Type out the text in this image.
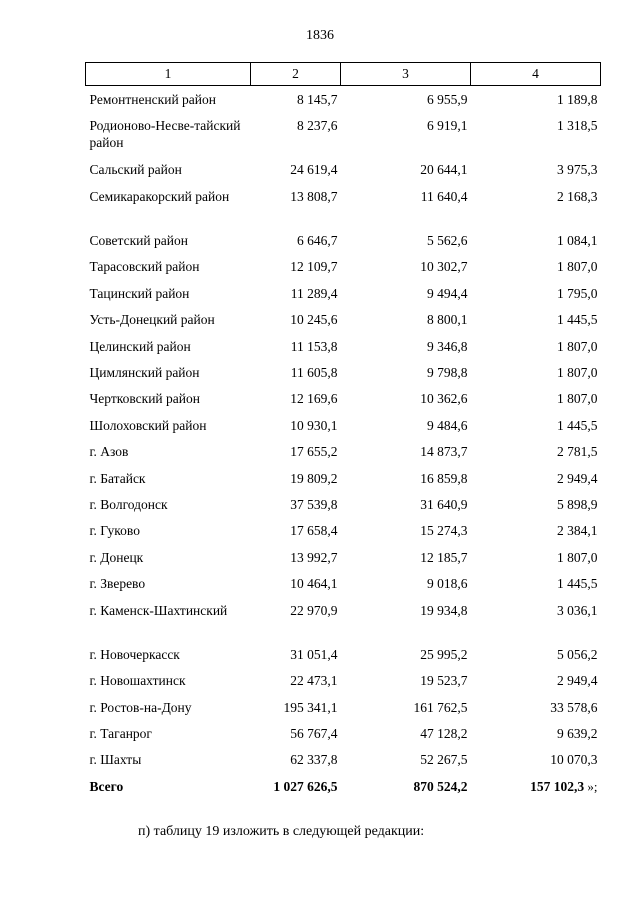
1836
1	2	3	4
Ремонтненский район	8 145,7	6 955,9	1 189,8
Родионово-Несве-тайский район	8 237,6	6 919,1	1 318,5
Сальский район	24 619,4	20 644,1	3 975,3
Семикаракорский район	13 808,7	11 640,4	2 168,3
Советский район	6 646,7	5 562,6	1 084,1
Тарасовский район	12 109,7	10 302,7	1 807,0
Тацинский район	11 289,4	9 494,4	1 795,0
Усть-Донецкий район	10 245,6	8 800,1	1 445,5
Целинский район	11 153,8	9 346,8	1 807,0
Цимлянский район	11 605,8	9 798,8	1 807,0
Чертковский район	12 169,6	10 362,6	1 807,0
Шолоховский район	10 930,1	9 484,6	1 445,5
г. Азов	17 655,2	14 873,7	2 781,5
г. Батайск	19 809,2	16 859,8	2 949,4
г. Волгодонск	37 539,8	31 640,9	5 898,9
г. Гуково	17 658,4	15 274,3	2 384,1
г. Донецк	13 992,7	12 185,7	1 807,0
г. Зверево	10 464,1	9 018,6	1 445,5
г. Каменск-Шахтинский	22 970,9	19 934,8	3 036,1
г. Новочеркасск	31 051,4	25 995,2	5 056,2
г. Новошахтинск	22 473,1	19 523,7	2 949,4
г. Ростов-на-Дону	195 341,1	161 762,5	33 578,6
г. Таганрог	56 767,4	47 128,2	9 639,2
г. Шахты	62 337,8	52 267,5	10 070,3
Всего	1 027 626,5	870 524,2	157 102,3 »;
п) таблицу 19 изложить в следующей редакции:
